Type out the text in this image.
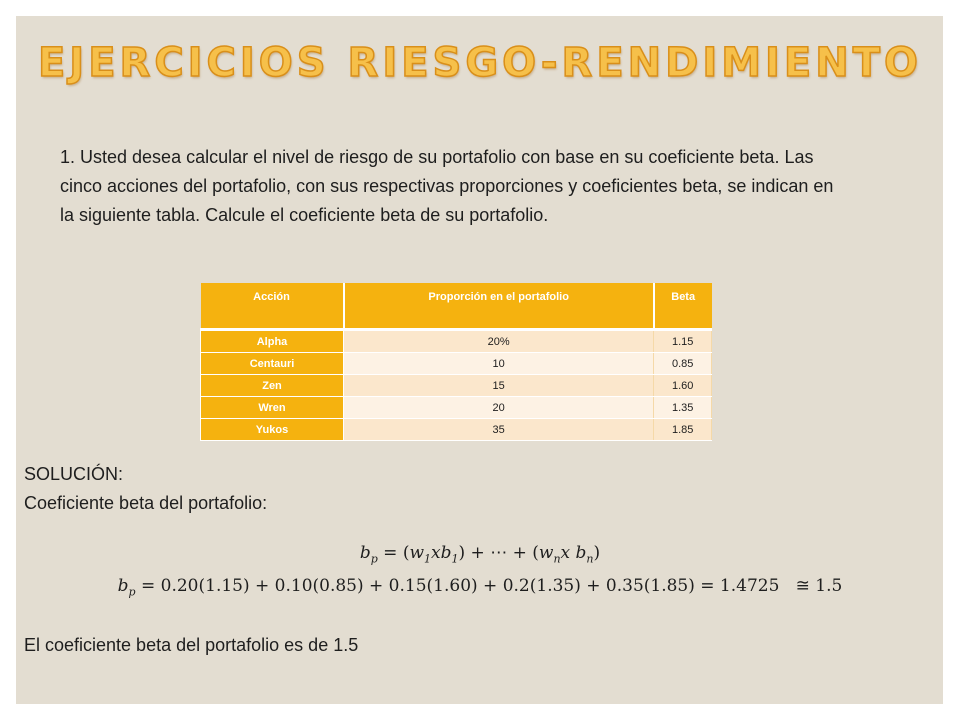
EJERCICIOS RIESGO-RENDIMIENTO
1. Usted desea calcular el nivel de riesgo de su portafolio con base en su coeficiente beta. Las cinco acciones del portafolio, con sus respectivas proporciones y coeficientes beta, se indican en la siguiente tabla. Calcule el coeficiente beta de su portafolio.
Acción	Proporción en el portafolio	Beta
Alpha	20%	1.15
Centauri	10	0.85
Zen	15	1.60
Wren	20	1.35
Yukos	35	1.85
SOLUCIÓN:
Coeficiente beta del portafolio:
$b_p = (w_1xb_1)$ + ⋯ + ($w_nx$ $b_n$)
$b_p = 0.20(1.15) + 0.10(0.85) + 0.15(1.60) + 0.2(1.35) + 0.35(1.85) = 1.4725$ ≅ 1.5
El coeficiente beta del portafolio es de 1.5
